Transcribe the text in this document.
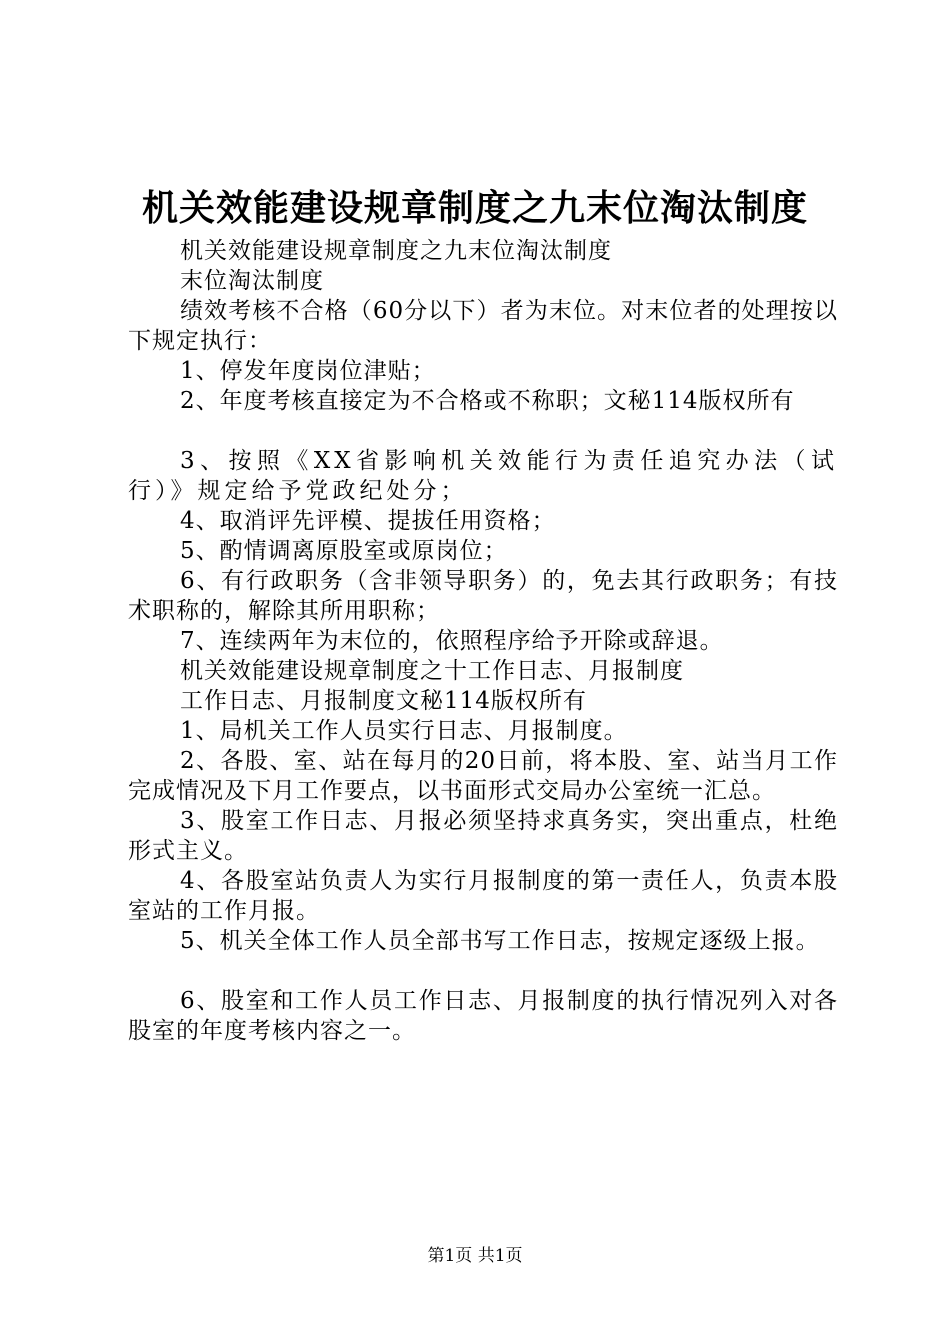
机关效能建设规章制度之九末位淘汰制度

机关效能建设规章制度之九末位淘汰制度

末位淘汰制度

绩效考核不合格（60分以下）者为末位。对末位者的处理按以下规定执行：

1、停发年度岗位津贴；

2、年度考核直接定为不合格或不称职；文秘114版权所有

3、按照《XX省影响机关效能行为责任追究办法（试行）》规定给予党政纪处分；

4、取消评先评模、提拔任用资格；

5、酌情调离原股室或原岗位；

6、有行政职务（含非领导职务）的，免去其行政职务；有技术职称的，解除其所用职称；

7、连续两年为末位的，依照程序给予开除或辞退。

机关效能建设规章制度之十工作日志、月报制度

工作日志、月报制度文秘114版权所有

1、局机关工作人员实行日志、月报制度。

2、各股、室、站在每月的20日前，将本股、室、站当月工作完成情况及下月工作要点，以书面形式交局办公室统一汇总。

3、股室工作日志、月报必须坚持求真务实，突出重点，杜绝形式主义。

4、各股室站负责人为实行月报制度的第一责任人，负责本股室站的工作月报。

5、机关全体工作人员全部书写工作日志，按规定逐级上报。

6、股室和工作人员工作日志、月报制度的执行情况列入对各股室的年度考核内容之一。

第1页 共1页
